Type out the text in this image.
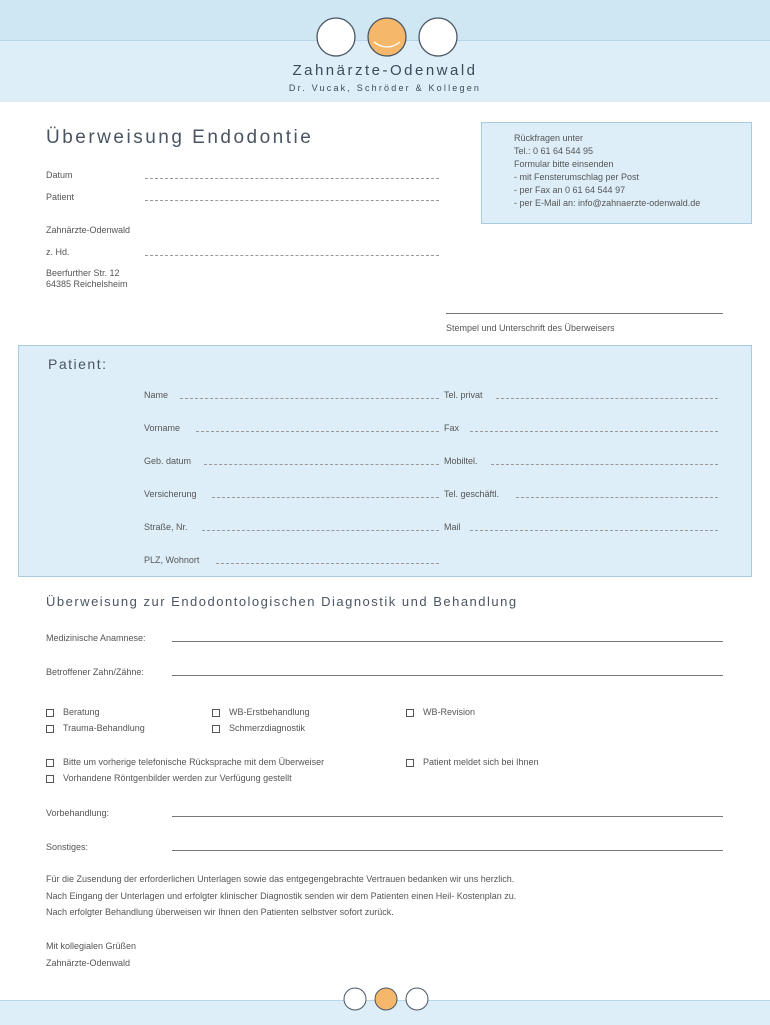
Zahnärzte-Odenwald
Dr. Vucak, Schröder & Kollegen
Überweisung Endodontie
Datum
Patient
Zahnärzte-Odenwald
z. Hd.
Beerfurther Str. 12
64385 Reichelsheim
Rückfragen unter
Tel.: 0 61 64 544 95
Formular bitte einsenden
- mit Fensterumschlag per Post
- per Fax an 0 61 64 544 97
- per E-Mail an: info@zahnaerzte-odenwald.de
Stempel und Unterschrift des Überweisers
Patient:
Name
Vorname
Geb. datum
Versicherung
Straße, Nr.
PLZ, Wohnort
Tel. privat
Fax
Mobiltel.
Tel. geschäftl.
Mail
Überweisung zur Endodontologischen Diagnostik und Behandlung
Medizinische Anamnese:
Betroffener Zahn/Zähne:
Beratung
Trauma-Behandlung
WB-Erstbehandlung
Schmerzdiagnostik
WB-Revision
Bitte um vorherige telefonische Rücksprache mit dem Überweiser
Vorhandene Röntgenbilder werden zur Verfügung gestellt
Patient meldet sich bei Ihnen
Vorbehandlung:
Sonstiges:
Für die Zusendung der erforderlichen Unterlagen sowie das entgegengebrachte Vertrauen bedanken wir uns herzlich.
Nach Eingang der Unterlagen und erfolgter klinischer Diagnostik senden wir dem Patienten einen Heil- Kostenplan zu.
Nach erfolgter Behandlung überweisen wir Ihnen den Patienten selbstver sofort zurück.
Mit kollegialen Grüßen
Zahnärzte-Odenwald
